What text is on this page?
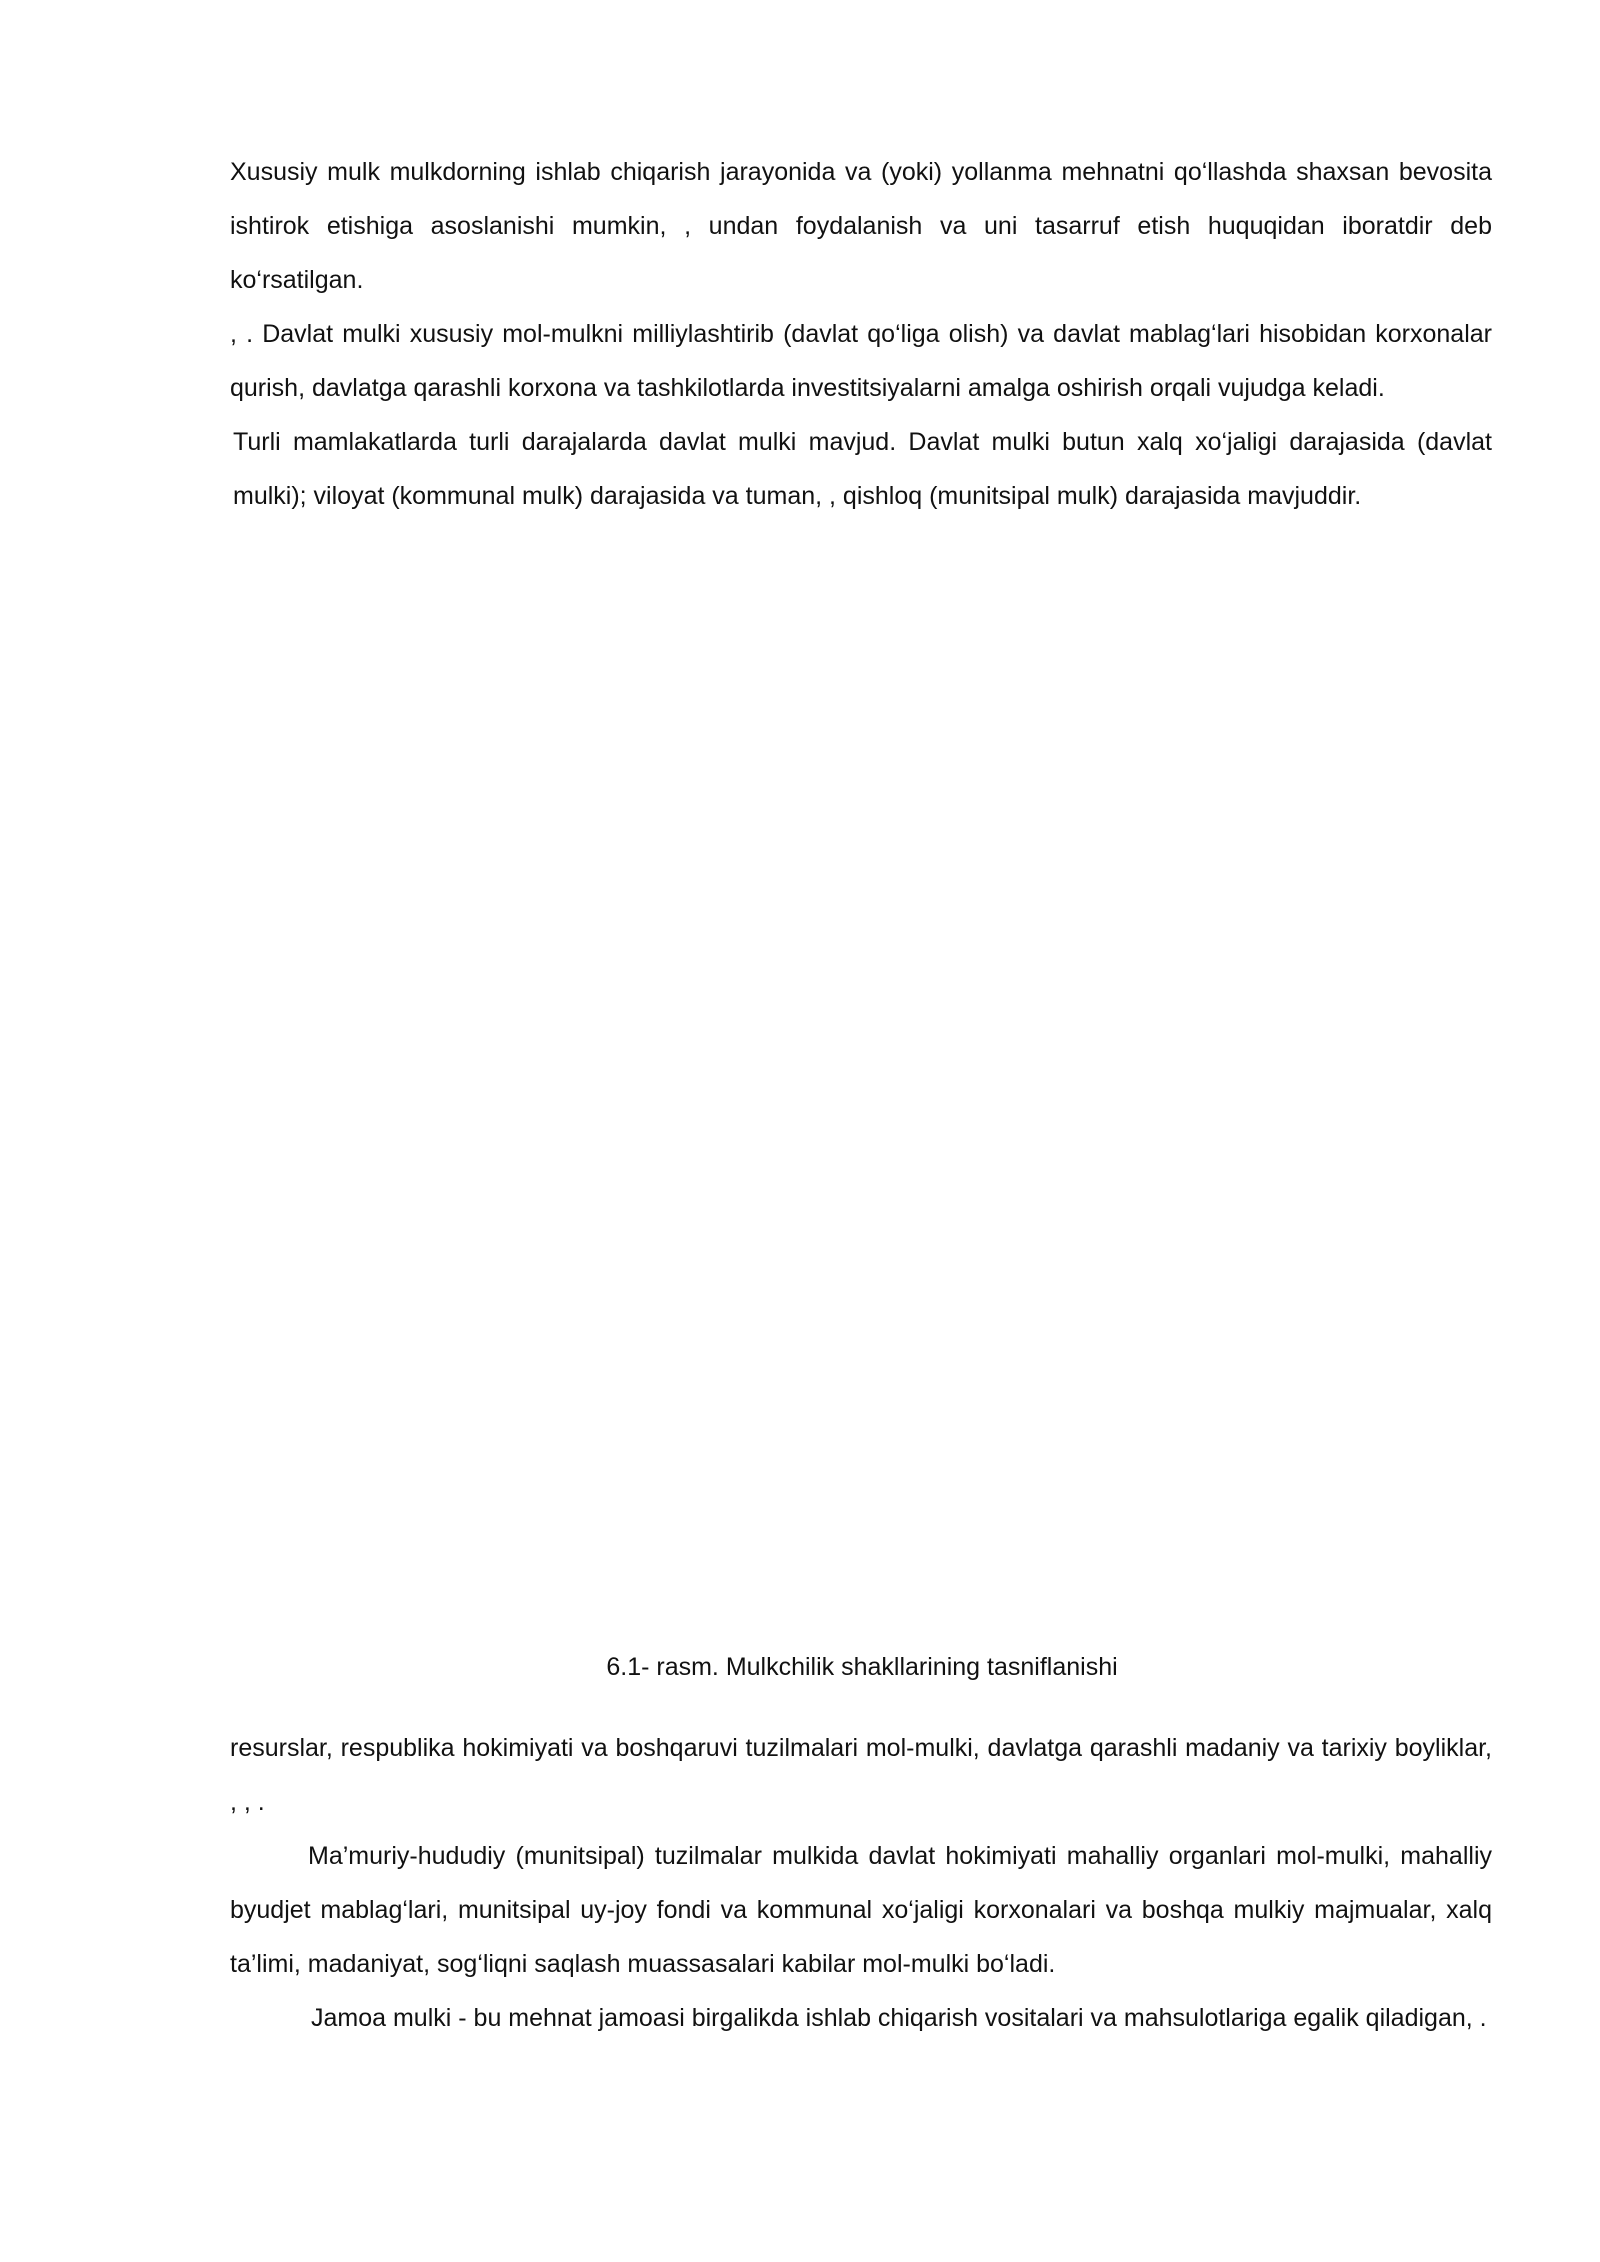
Xususiy mulk mulkdorning ishlab chiqarish jarayonida va (yoki) yollanma mehnatni qo‘llashda shaxsan bevosita ishtirok etishiga asoslanishi mumkin, , undan foydalanish va uni tasarruf etish huquqidan iboratdir deb ko‘rsatilgan.

, . Davlat mulki xususiy mol-mulkni milliylashtirib (davlat qo‘liga olish) va davlat mablag‘lari hisobidan korxonalar qurish, davlatga qarashli korxona va tashkilotlarda investitsiyalarni amalga oshirish orqali vujudga keladi.

Turli mamlakatlarda turli darajalarda davlat mulki mavjud. Davlat mulki butun xalq xo‘jaligi darajasida (davlat mulki); viloyat (kommunal mulk) darajasida va tuman, , qishloq (munitsipal mulk) darajasida mavjuddir.

6.1- rasm. Mulkchilik shakllarining tasniflanishi

resurslar, respublika hokimiyati va boshqaruvi tuzilmalari mol-mulki, davlatga qarashli madaniy va tarixiy boyliklar, , , .

Ma’muriy-hududiy (munitsipal) tuzilmalar mulkida davlat hokimiyati mahalliy organlari mol-mulki, mahalliy byudjet mablag‘lari, munitsipal uy-joy fondi va kommunal xo‘jaligi korxonalari va boshqa mulkiy majmualar, xalq ta’limi, madaniyat, sog‘liqni saqlash muassasalari kabilar mol-mulki bo‘ladi.

Jamoa mulki - bu mehnat jamoasi birgalikda ishlab chiqarish vositalari va mahsulotlariga egalik qiladigan, .
